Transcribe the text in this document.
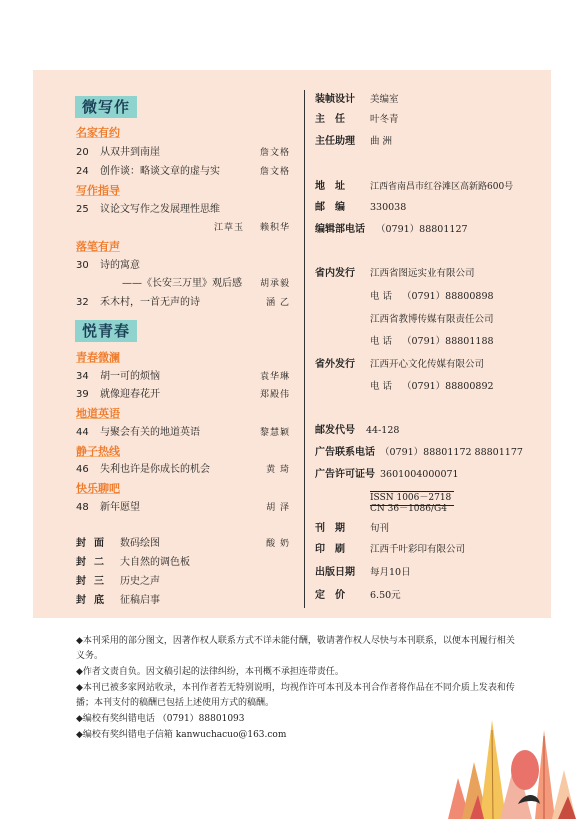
微写作
名家有约
20	从双井到南崖	詹文格
24	创作谈：略谈文章的虚与实	詹文格
写作指导
25	议论文写作之发展理性思维
江草玉 赖积华
落笔有声
30	诗的寓意
——《长安三万里》观后感 胡承毅
32	禾木村，一首无声的诗	涵 乙
悦青春
青春微澜
34	胡一可的烦恼	袁华琳
39	就像迎春花开	郑殿伟
地道英语
44	与聚会有关的地道英语	黎慧颖
静子热线
46	失利也许是你成长的机会	黄 琦
快乐聊吧
48	新年愿望	胡 泽
封面 数码绘图	酸 奶
封二 大自然的调色板
封三 历史之声
封底 征稿启事
装帧设计 美编室
主任 叶冬青
主任助理 曲 洲
地址 江西省南昌市红谷滩区高新路600号
邮编 330038
编辑部电话 （0791）88801127
省内发行 江西省图远实业有限公司
电 话 （0791）88800898
江西省教博传媒有限责任公司
电 话 （0791）88801188
省外发行 江西开心文化传媒有限公司
电 话 （0791）88800892
邮发代号 44-128
广告联系电话 （0791）88801172 88801177
广告许可证号 3601004000071
ISSN 1006－2718
CN 36－1086/G4
刊期 旬刊
印刷 江西千叶彩印有限公司
出版日期 每月10日
定价 6.50元
◆本刊采用的部分图文，因著作权人联系方式不详未能付酬，敬请著作权人尽快与本刊联系，以便本刊履行相关义务。
◆作者文责自负。因文稿引起的法律纠纷，本刊概不承担连带责任。
◆本刊已被多家网站收录，本刊作者若无特别说明，均视作许可本刊及本刊合作者将作品在不同介质上发表和传播；本刊支付的稿酬已包括上述使用方式的稿酬。
◆编校有奖纠错电话 （0791）88801093
◆编校有奖纠错电子信箱 kanwuchacuo@163.com
